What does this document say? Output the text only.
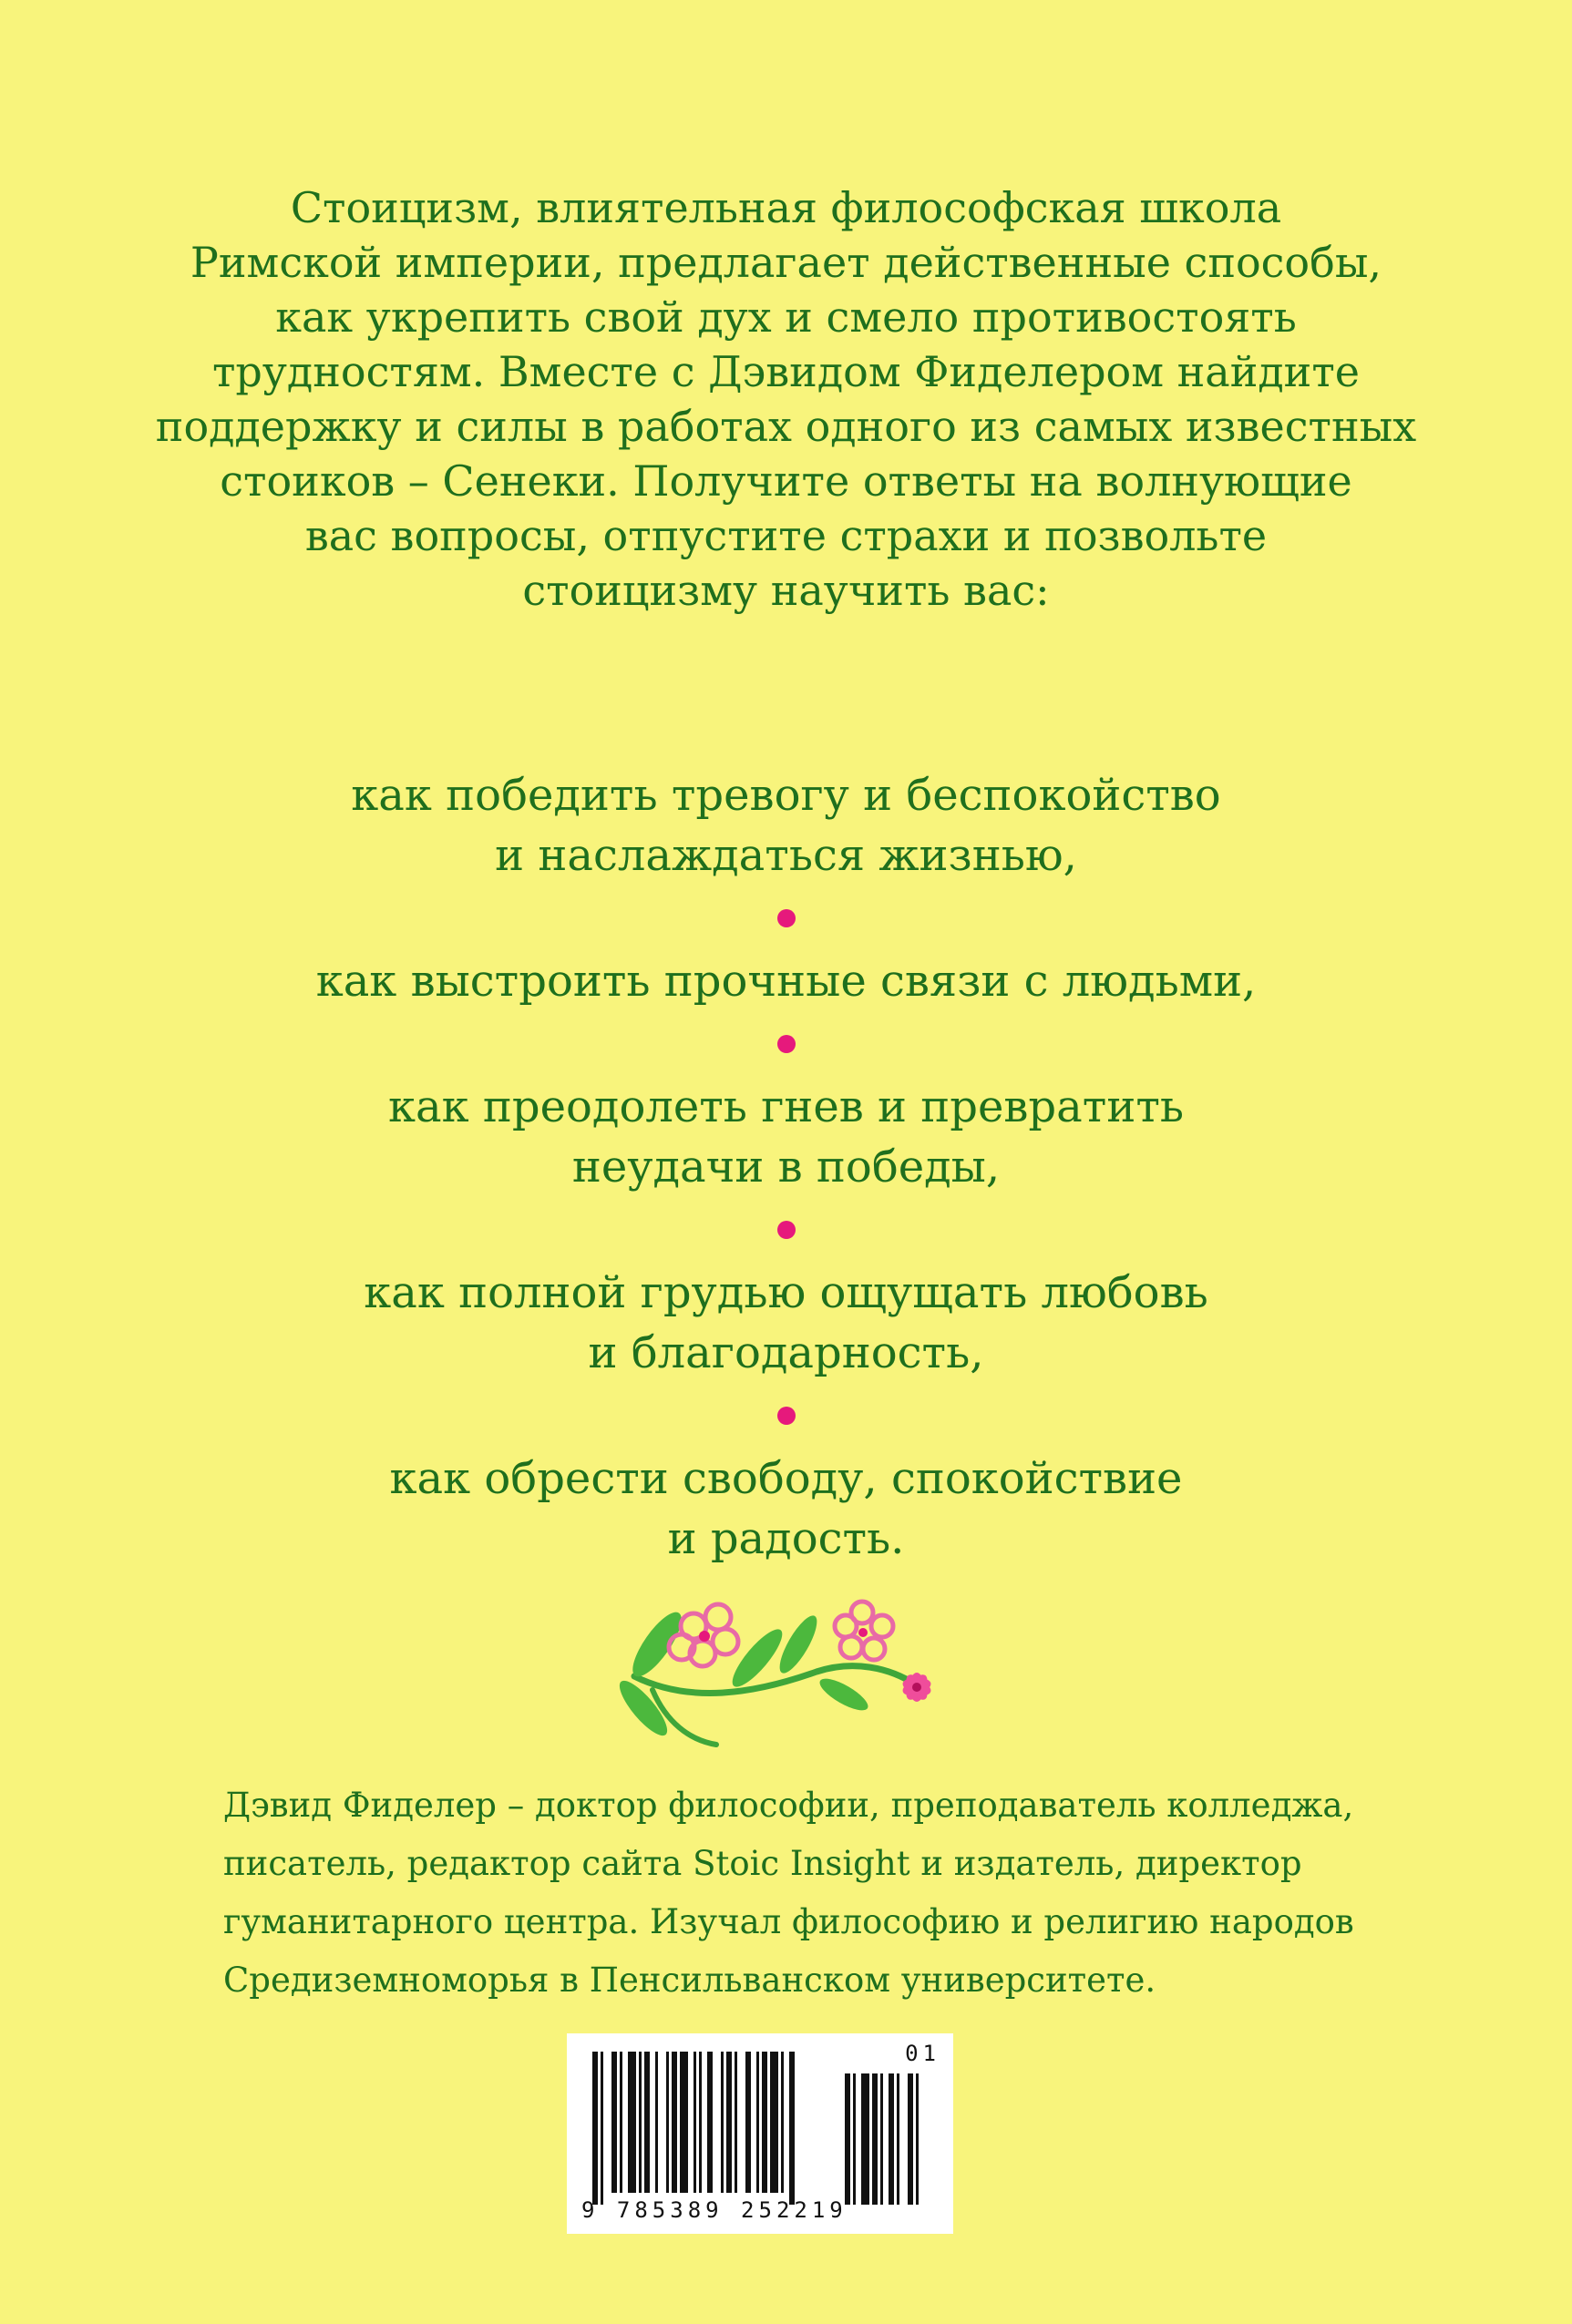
Стоицизм, влиятельная философская школа
Римской империи, предлагает действенные способы,
как укрепить свой дух и смело противостоять
трудностям. Вместе с Дэвидом Фиделером найдите
поддержку и силы в работах одного из самых известных
стоиков – Сенеки. Получите ответы на волнующие
вас вопросы, отпустите страхи и позвольте
стоицизму научить вас:
как победить тревогу и беспокойство
и наслаждаться жизнью,
как выстроить прочные связи с людьми,
как преодолеть гнев и превратить
неудачи в победы,
как полной грудью ощущать любовь
и благодарность,
как обрести свободу, спокойствие
и радость.
Дэвид Фиделер – доктор философии, преподаватель колледжа,
писатель, редактор сайта Stoic Insight и издатель, директор
гуманитарного центра. Изучал философию и религию народов
Средиземноморья в Пенсильванском университете.
01
9 785389 252219
